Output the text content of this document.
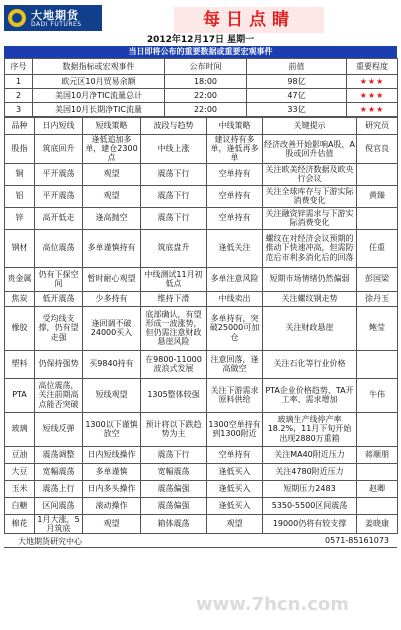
大地期货
DADI FUTURES	每日点睛
2012年12月17日 星期一
当日即将公布的重要数据或重要宏观事件
序号	数据指标或宏观事件	公布时间	前值	重要程度
1	欧元区10月贸易余额	18:00	98亿	★★★
2	美国10月净TIC流量总计	22:00	47亿	★★★
3	美国10月长期净TIC流量	22:00	33亿	★★★
品种	日内短线	短线策略	波段与趋势	中线策略	关键提示	研究员
股指	筑底回升	逢低追加多单，建仓2300点	中线上涨	建议持有多单，逢低再多单	经济改善开始影响A股，A股或回升估值	倪官良
铜	平开震荡	观望	震荡下行	空单持有	关注欧美经济数据及欧央行会议	
铝	平开震荡	观望	震荡下行	空单持有	关注全球库存与下游实际消费变化	黄臻
锌	高开低走	逢高抛空	震荡下行	空单持有	关注融资锌需求与下游实际消费变化	
钢材	高位震荡	多单谨慎持有	筑底盘升	逢低关注	螺纹在对经济会议预期的推动下快速冲高，但需防范后市利多消化后的回落	任重
贵金属	仍有下探空间	暂时耐心观望	中线测试11月初低点	多单注意风险	短期市场情绪仍然偏弱	彭国梁
焦炭	低开震荡	少多持有	维持下滑	中线卖出	关注螺纹钢走势	徐丹玉
橡胶	受均线支撑，仍有望走强	逢回调不破24000买入	底部确认，有望形成一波涨势，但仍需注意财政悬崖风险	多单持有，突破25000可加仓	关注财政悬崖	鲍莹
塑料	仍保持强势	买9840持有	在9800-11000波浪式发展	注意回落，逢高做空	关注石化等行业价格	
PTA	高位震荡，关注前期高点能否突破	短线观望	1305整体较强	关注下游需求原料供给	PTA企业价格趋势、TA开工率、需求增加	牛伟
玻璃	短线反弹	1300以下谨慎放空	预计将以下跌趋势为主	1300空单持有到1300附近	玻璃生产线停产率18.2%，11月下旬开始出现2880万重箱	
豆油	震荡调整	日内短线操作	震荡下行	空单持有	关注MA40附近压力	蒋顺朋
大豆	宽幅震荡	多单谨慎	宽幅震荡	逢低买入	关注4780附近压力	
玉米	震荡上行	日内多头操作	震荡偏强	逢低买入	短期压力2483	赵卿
白糖	区间震荡	滚动操作	震荡偏强	逢低买入	5350-5500区间震荡	
棉花	1月大涨，5月筑底	观望	箱体震荡	观望	19000仍将有较支撑	姜晓康
大地期货研究中心	0571-85161073
www.7hcn.com
